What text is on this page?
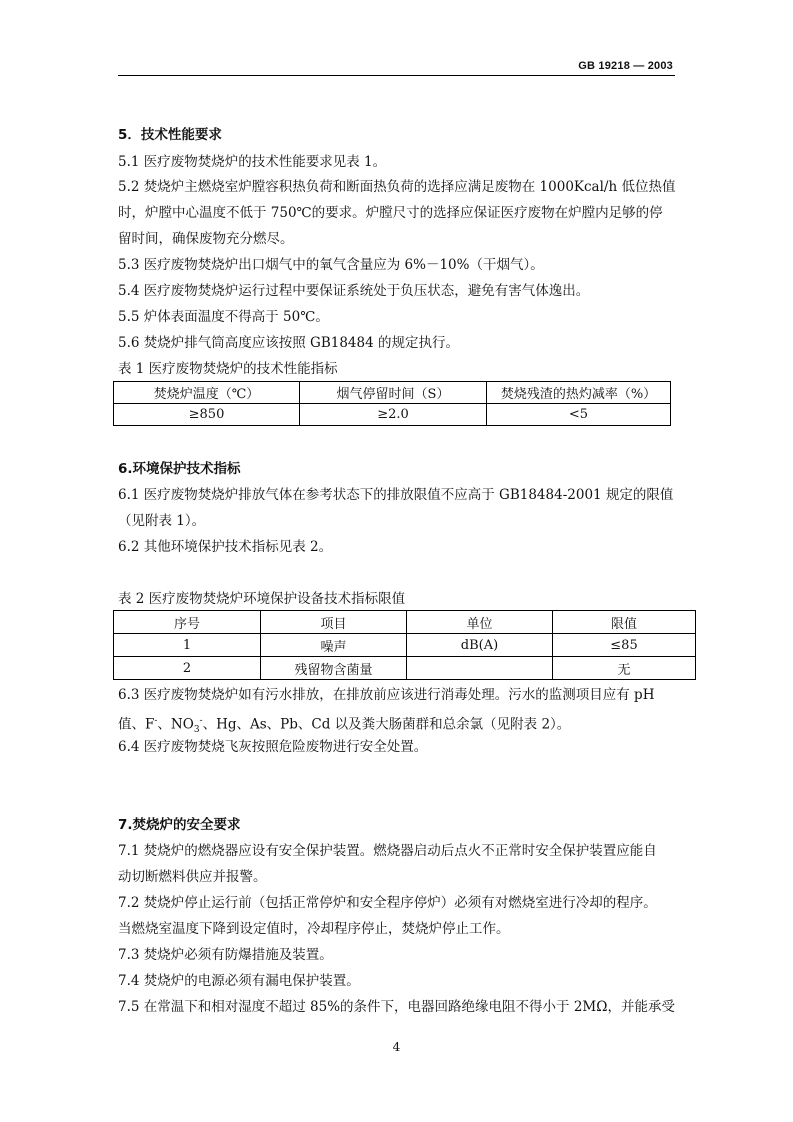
GB 19218 — 2003
5．技术性能要求
5.1 医疗废物焚烧炉的技术性能要求见表 1。
5.2 焚烧炉主燃烧室炉膛容积热负荷和断面热负荷的选择应满足废物在 1000Kcal/h 低位热值
时，炉膛中心温度不低于 750℃的要求。炉膛尺寸的选择应保证医疗废物在炉膛内足够的停
留时间，确保废物充分燃尽。
5.3 医疗废物焚烧炉出口烟气中的氧气含量应为 6%－10%（干烟气）。
5.4 医疗废物焚烧炉运行过程中要保证系统处于负压状态，避免有害气体逸出。
5.5 炉体表面温度不得高于 50℃。
5.6 焚烧炉排气筒高度应该按照 GB18484 的规定执行。
表 1 医疗废物焚烧炉的技术性能指标
焚烧炉温度（℃）	烟气停留时间（S）	焚烧残渣的热灼减率（%）
≥850	≥2.0	<5
6.环境保护技术指标
6.1 医疗废物焚烧炉排放气体在参考状态下的排放限值不应高于 GB18484-2001 规定的限值
（见附表 1）。
6.2 其他环境保护技术指标见表 2。
表 2 医疗废物焚烧炉环境保护设备技术指标限值
序号	项目	单位	限值
1	噪声	dB(A)	≤85
2	残留物含菌量		无
6.3 医疗废物焚烧炉如有污水排放，在排放前应该进行消毒处理。污水的监测项目应有 pH
值、F-、$NO_3^-$、Hg、As、Pb、Cd 以及粪大肠菌群和总余氯（见附表 2）。
6.4 医疗废物焚烧飞灰按照危险废物进行安全处置。
7.焚烧炉的安全要求
7.1 焚烧炉的燃烧器应设有安全保护装置。燃烧器启动后点火不正常时安全保护装置应能自
动切断燃料供应并报警。
7.2 焚烧炉停止运行前（包括正常停炉和安全程序停炉）必须有对燃烧室进行冷却的程序。
当燃烧室温度下降到设定值时，冷却程序停止，焚烧炉停止工作。
7.3 焚烧炉必须有防爆措施及装置。
7.4 焚烧炉的电源必须有漏电保护装置。
7.5 在常温下和相对湿度不超过 85%的条件下，电器回路绝缘电阻不得小于 2MΩ，并能承受
4
